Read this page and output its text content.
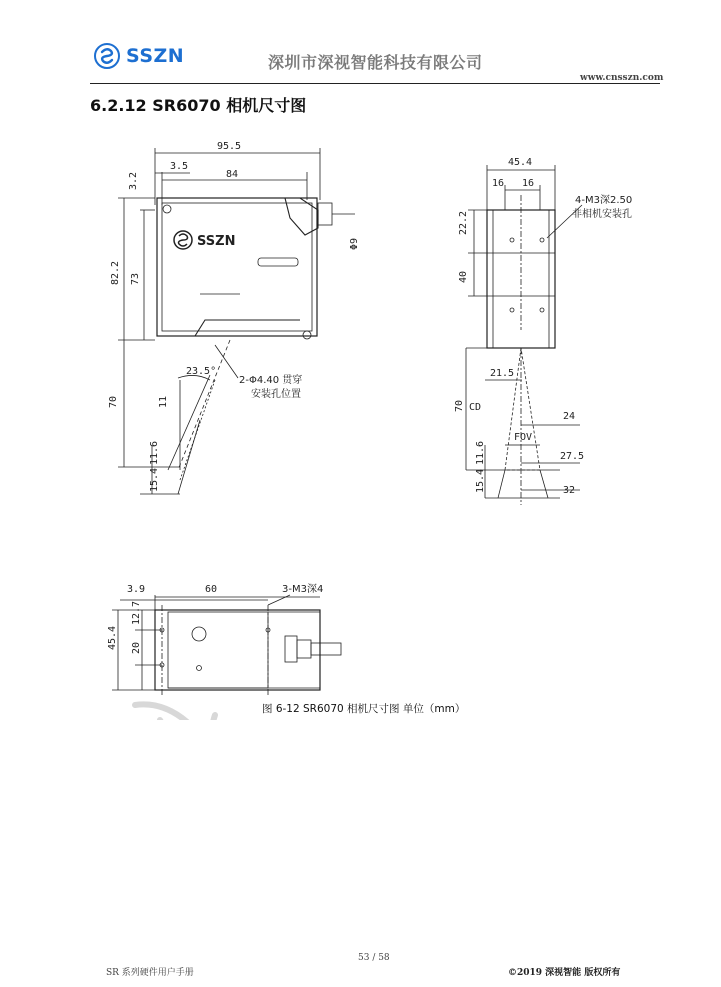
SSZN	深圳市深视智能科技有限公司
www.cnsszn.com
6.2.12 SR6070 相机尺寸图
95.5
3.5
84
3.2
82.2 73
Φ9
2-Φ4.40 贯穿
安装孔位置
23.5°
70	11
11.6
15.4
SSZN
45.4
16 16
4-M3深2.50
非相机安装孔
22.2
40
21.5
70 CD
24
FOV
27.5
11.6
15.4	32
3.9	60	3-M3深4
45.4
12.7
20
图 6-12 SR6070 相机尺寸图 单位（mm）
53 / 58
SR 系列硬件用户手册	©2019 深视智能 版权所有
